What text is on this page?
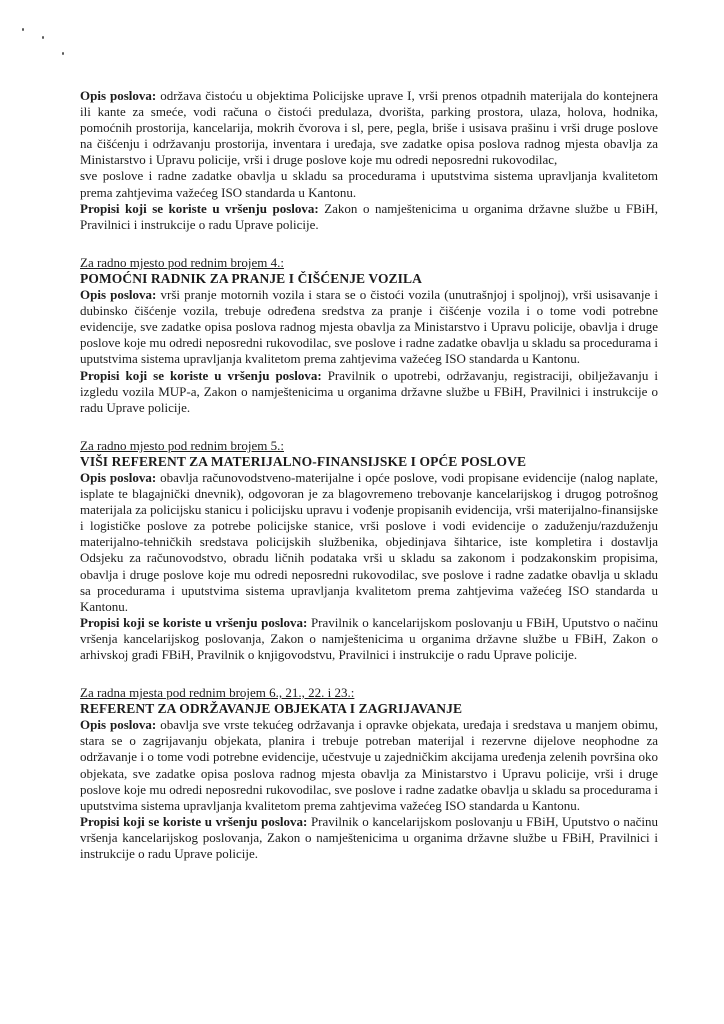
Opis poslova: održava čistoću u objektima Policijske uprave I, vrši prenos otpadnih materijala do kontejnera ili kante za smeće, vodi računa o čistoći predulaza, dvorišta, parking prostora, ulaza, holova, hodnika, pomoćnih prostorija, kancelarija, mokrih čvorova i sl, pere, pegla, briše i usisava prašinu i vrši druge poslove na čišćenju i održavanju prostorija, inventara i uređaja, sve zadatke opisa poslova radnog mjesta obavlja za Ministarstvo i Upravu policije, vrši i druge poslove koje mu odredi neposredni rukovodilac,

sve poslove i radne zadatke obavlja u skladu sa procedurama i uputstvima sistema upravljanja kvalitetom prema zahtjevima važećeg ISO standarda u Kantonu.

Propisi koji se koriste u vršenju poslova: Zakon o namještenicima u organima državne službe u FBiH, Pravilnici i instrukcije o radu Uprave policije.

Za radno mjesto pod rednim brojem 4.:

POMOĆNI RADNIK ZA PRANJE I ČIŠĆENJE VOZILA

Opis poslova: vrši pranje motornih vozila i stara se o čistoći vozila (unutrašnjoj i spoljnoj), vrši usisavanje i dubinsko čišćenje vozila, trebuje određena sredstva za pranje i čišćenje vozila i o tome vodi potrebne evidencije, sve zadatke opisa poslova radnog mjesta obavlja za Ministarstvo i Upravu policije, obavlja i druge poslove koje mu odredi neposredni rukovodilac, sve poslove i radne zadatke obavlja u skladu sa procedurama i uputstvima sistema upravljanja kvalitetom prema zahtjevima važećeg ISO standarda u Kantonu.

Propisi koji se koriste u vršenju poslova: Pravilnik o upotrebi, održavanju, registraciji, obilježavanju i izgledu vozila MUP-a, Zakon o namještenicima u organima državne službe u FBiH, Pravilnici i instrukcije o radu Uprave policije.

Za radno mjesto pod rednim brojem 5.:

VIŠI REFERENT ZA MATERIJALNO-FINANSIJSKE I OPĆE POSLOVE

Opis poslova: obavlja računovodstveno-materijalne i opće poslove, vodi propisane evidencije (nalog naplate, isplate te blagajnički dnevnik), odgovoran je za blagovremeno trebovanje kancelarijskog i drugog potrošnog materijala za policijsku stanicu i policijsku upravu i vođenje propisanih evidencija, vrši materijalno-finansijske i logističke poslove za potrebe policijske stanice, vrši poslove i vodi evidencije o zaduženju/razduženju materijalno-tehničkih sredstava policijskih službenika, objedinjava šihtarice, iste kompletira i dostavlja Odsjeku za računovodstvo, obradu ličnih podataka vrši u skladu sa zakonom i podzakonskim propisima, obavlja i druge poslove koje mu odredi neposredni rukovodilac, sve poslove i radne zadatke obavlja u skladu sa procedurama i uputstvima sistema upravljanja kvalitetom prema zahtjevima važećeg ISO standarda u Kantonu.

Propisi koji se koriste u vršenju poslova: Pravilnik o kancelarijskom poslovanju u FBiH, Uputstvo o načinu vršenja kancelarijskog poslovanja, Zakon o namještenicima u organima državne službe u FBiH, Zakon o arhivskoj građi FBiH, Pravilnik o knjigovodstvu, Pravilnici i instrukcije o radu Uprave policije.

Za radna mjesta pod rednim brojem 6., 21., 22. i 23.:

REFERENT ZA ODRŽAVANJE OBJEKATA I ZAGRIJAVANJE

Opis poslova: obavlja sve vrste tekućeg održavanja i opravke objekata, uređaja i sredstava u manjem obimu, stara se o zagrijavanju objekata, planira i trebuje potreban materijal i rezervne dijelove neophodne za održavanje i o tome vodi potrebne evidencije, učestvuje u zajedničkim akcijama uređenja zelenih površina oko objekata, sve zadatke opisa poslova radnog mjesta obavlja za Ministarstvo i Upravu policije, vrši i druge poslove koje mu odredi neposredni rukovodilac, sve poslove i radne zadatke obavlja u skladu sa procedurama i uputstvima sistema upravljanja kvalitetom prema zahtjevima važećeg ISO standarda u Kantonu.

Propisi koji se koriste u vršenju poslova: Pravilnik o kancelarijskom poslovanju u FBiH, Uputstvo o načinu vršenja kancelarijskog poslovanja, Zakon o namještenicima u organima državne službe u FBiH, Pravilnici i instrukcije o radu Uprave policije.
